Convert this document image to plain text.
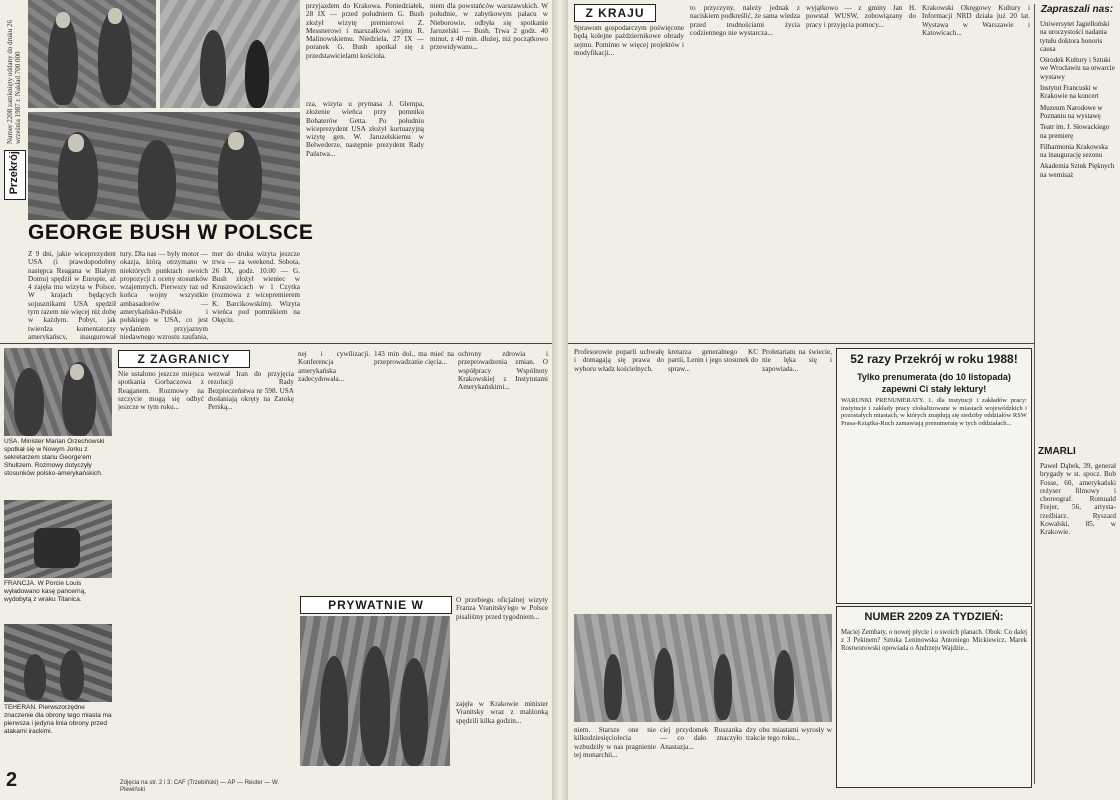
Numer 2208 zamknięty oddany do druku 26 września 1987 r. Nakład 700 000
Przekrój
rza, wizyta u prymasa J. Glempa, złożenie wieńca przy pomniku Bohaterów Getta. Po południu wiceprezydent USA złożył kurtuazyjną wizytę gen. W. Jaruzelskiemu w Belwederze, następnie prezydent Rady Państwa...
niem dla powstańców warszawskich. W południe, w zabytkowym pałacu w Nieborowie, odbyła się spotkanie Jaruzelski — Bush. Trwa 2 godz. 40 minut, z 40 min. dłużej, niż początkowo przewidywano...
przyjazdem do Krakowa. Poniedziałek, 28 IX — przed południem G. Bush złożył wizytę premierowi Z. Messnerowi i marszałkowi sejmu R. Malinowskiemu. Niedziela, 27 IX — poranek G. Bush spotkał się z przedstawicielami kościoła.
GEORGE BUSH W POLSCE
Z 9 dni, jakie wiceprezydent USA (i prawdopodobny następca Reagana w Białym Domu) spędził w Europie, aż 4 zajęła mu wizyta w Polsce. W krajach będących sojusznikami USA spędził tym razem nie więcej niż dobę w każdym. Pobyt, jak twierdza komentatorzy amerykańscy, inaugurował
tury. Dla nas — były motor — okazja, którą otrzymano w niektórych punktach swoich propozycji z oceny stosunków wzajemnych. Pierwszy raz od końca wojny wszystkie ambasadorów — amerykańsko-Polskie i polskiego w USA, co jest wydaniem przyjaznym niedawnego wzrostu zaufania,
mer do druku wizyta jeszcze trwa — za weekend. Sobota, 26 IX, godz. 10.00 — G. Bush złożył wieniec w Kruszowicach w 1 Czytka (rozmowa z wicepremierem K. Barcikowskim). Wizyta wieńca pod pomnikiem na Okęciu.
USA. Minister Marian Orzechowski spotkał się w Nowym Jorku z sekretarzem stanu George'em Shultzem. Rozmowy dotyczyły stosunków polsko-amerykańskich.
FRANCJA. W Porcie Louis wyładowano kasę pancerną, wydobytą z wraku Titanica.
TEHERAN. Pierwszorzędne znaczenie dla obrony tego miasta ma pierwsza i jedyna linia obrony przed atakami irackimi.
Z ZAGRANICY
Nie ustalono jeszcze miejsca spotkania Gorbaczowa z Reaganem. Rozmowy na szczycie mogą się odbyć jeszcze w tym roku...
wezwał Iran do przyjęcia rezolucji Rady Bezpieczeństwa nr 598. USA dosłaniają okręty na Zatokę Perską...
nej i cywilizacji. Konferencja amerykańska zadecydowała...
143 min dol., ma mieć na przeprowadzanie cięcia...
ochrony zdrowia i przeprowadzenia zmian. O współpracy Wspólnoty Krakowskiej z Instytutami Amerykańskimi...
PRYWATNIE W	O przebiegu oficjalnej wizyty Franza Vranitsky'ego w Polsce pisaliśmy przed tygodniem...
zajęła w Krakowie minister Vranitsky wraz z małżonką spędzili kilka godzin...
2	Zdjęcia na str. 2 i 3: CAF (Trzebiński) — AP — Reuter — W. Plewiński
Z KRAJU
Sprawom gospodarczym poświęcone będą kolejne październikowe obrady sejmu. Pomimo w więcej projektów i modyfikacji...
to przyczyny, należy jednak z naciskiem podkreślić, że sama wiedza przed trudnościami życia codziennego nie wystarcza...
wyjątkowo — z gminy Jan H. powstał WUSW, zobowiązany do pracy i przyjęcia pomocy...
Krakowski Okręgowy Kultury i Informacji NRD działa już 20 lat. Wystawa w Warszawie i Katowicach...
Zapraszali nas:
Uniwersytet Jagielloński na uroczystości nadania tytułu doktora honoris causa
Ośrodek Kultury i Sztuki we Wrocławiu na otwarcie wystawy
Instytut Francuski w Krakowie na koncert
Muzeum Narodowe w Poznaniu na wystawę
Teatr im. J. Słowackiego na premierę
Filharmonia Krakowska na inaugurację sezonu
Akademia Sztuk Pięknych na wernisaż
ZMARLI
Paweł Dąbek, 39, generał brygady w st. spocz. Bob Fosse, 60, amerykański reżyser filmowy i choreograf. Romuald Frejer, 56, artysta-rzeźbiarz. Ryszard Kowalski, 85, w Krakowie.
Profesorowie poparli uchwałę i domagają się prawa do wyboru władz kościelnych.
kretarza generalnego KC partii, Lenin i jego stosunek do spraw...
Proletariatu na świecie, nie lęka się i zapowiada...
52 razy Przekrój w roku 1988!
Tylko prenumerata (do 10 listopada) zapewni Ci stały lektury!
WARUNKI PRENUMERATY. 1. dla instytucji i zakładów pracy: instytucje i zakłady pracy zlokalizowane w miastach wojewódzkich i pozostałych miastach, w których znajdują się siedziby oddziałów RSW Prasa-Książka-Ruch zamawiają prenumeratę w tych oddziałach...
NUMER 2209 ZA TYDZIEŃ:
Maciej Zembaty, o nowej płycie i o swoich planach. Obok: Co dalej z 3 Pekinem? Sztuka Leninowska Antoniego Mickiewicz. Marek Rostworowski opowiada o Andrzeju Wajdzie...
niem. Starsze one nie kilkudziesięciolecia wzbudziły w nas pragnienie tej monarchii...
ciej przydomek Ruszanka — co dało znaczyło Anastazja...
dzy obu miastami wyrosły w trakcie tego roku...
